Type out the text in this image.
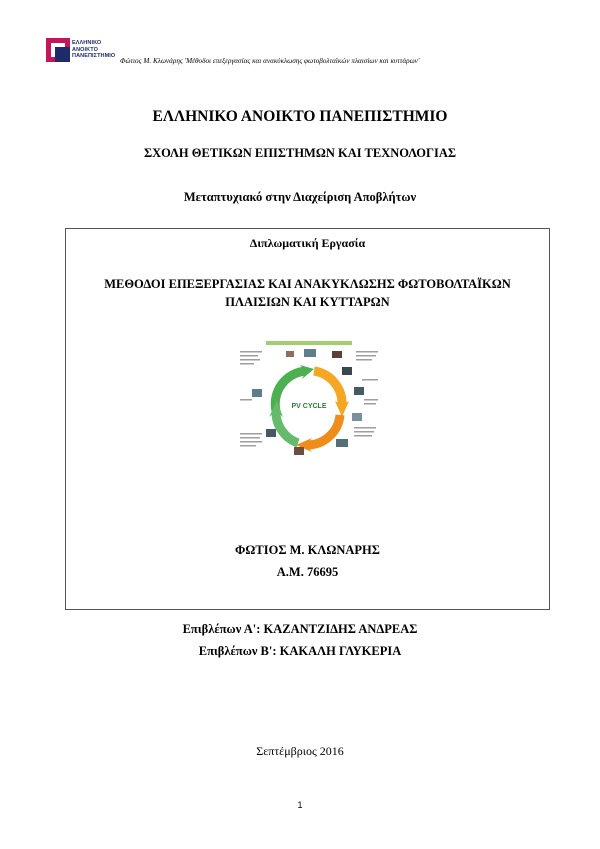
ΕΛΛΗΝΙΚΟ
ΑΝΟΙΚΤΟ
ΠΑΝΕΠΙΣΤΗΜΙΟ
Φώτιος Μ. Κλωνάρης 'Μέθοδοι επεξεργασίας και ανακύκλωσης φωτοβολταϊκών πλαισίων και κυττάρων'
ΕΛΛΗΝΙΚΟ ΑΝΟΙΚΤΟ ΠΑΝΕΠΙΣΤΗΜΙΟ
ΣΧΟΛΗ ΘΕΤΙΚΩΝ ΕΠΙΣΤΗΜΩΝ ΚΑΙ ΤΕΧΝΟΛΟΓΙΑΣ
Μεταπτυχιακό στην Διαχείριση Αποβλήτων
Διπλωματική Εργασία
ΜΕΘΟΔΟΙ ΕΠΕΞΕΡΓΑΣΙΑΣ ΚΑΙ ΑΝΑΚΥΚΛΩΣΗΣ ΦΩΤΟΒΟΛΤΑΪΚΩΝ
ΠΛΑΙΣΙΩΝ ΚΑΙ ΚΥΤΤΑΡΩΝ
PV CYCLE
ΦΩΤΙΟΣ Μ. ΚΛΩΝΑΡΗΣ
Α.Μ. 76695
Επιβλέπων Α': ΚΑΖΑΝΤΖΙΔΗΣ ΑΝΔΡΕΑΣ
Επιβλέπων Β': ΚΑΚΑΛΗ ΓΛΥΚΕΡΙΑ
Σεπτέμβριος 2016
1
